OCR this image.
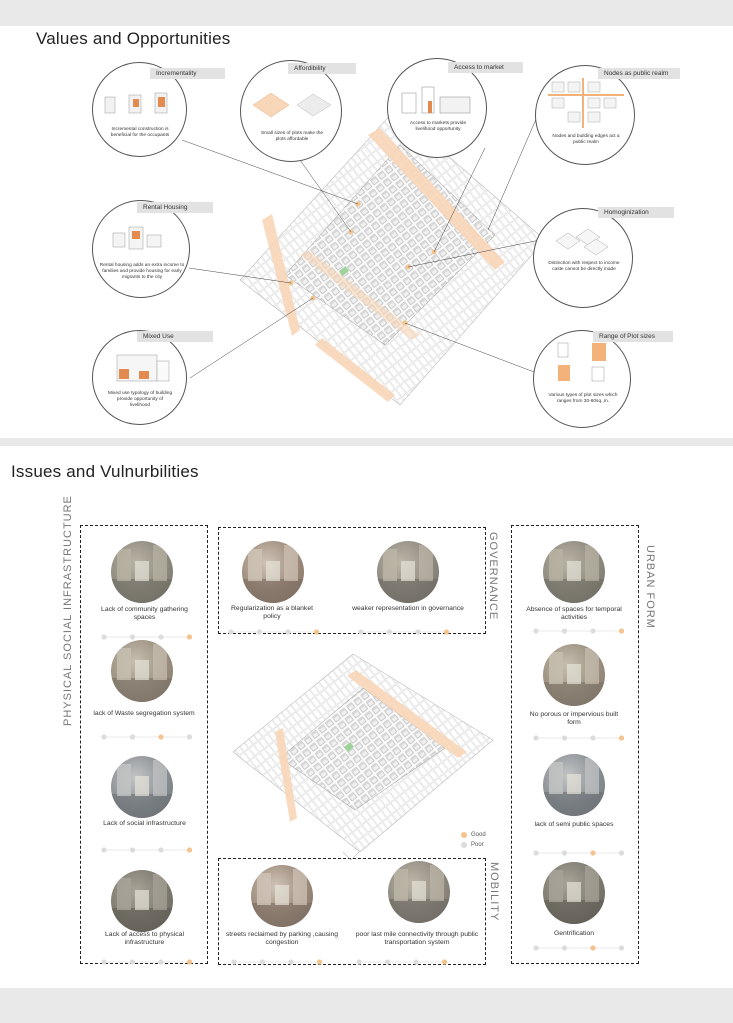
Values and Opportunities
Issues and Vulnurbilities
Incremental construction is beneficial for the occupants
Incrementality
Small sizes of plots make the plots affordable
Affordibility
Access to markets provide livelihood opportunity
Access to market
Nodes and building edges act a public realm
Nodes as public realm
Rental housing adds an extra income to families and provide housing for early migrants to the city
Rental Housing
Distinction with respect to income caste cannot be directly made
Homoginization
Mixed use typology of building provide opportunity of livelihood
Mixed Use
Various types of plot sizes which ranges from 30-60sq.,m.
Range of Plot sizes
PHYSICAL SOCIAL INFRASTRUCTURE	GOVERNANCE	URBAN FORM
MOBILITY
Good
Poor
Lack of community gathering spaces
lack of Waste segregation system
Lack of social infrastructure
Lack of access to physical infrastructure
Regularization as a blanket policy
weaker representation in governance	Absence of spaces for temporal activities
No porous or impervious built form
lack of semi public spaces
Gentrification
streets reclaimed by parking ,causing congestion
poor last mile connectivity through public transportation system
